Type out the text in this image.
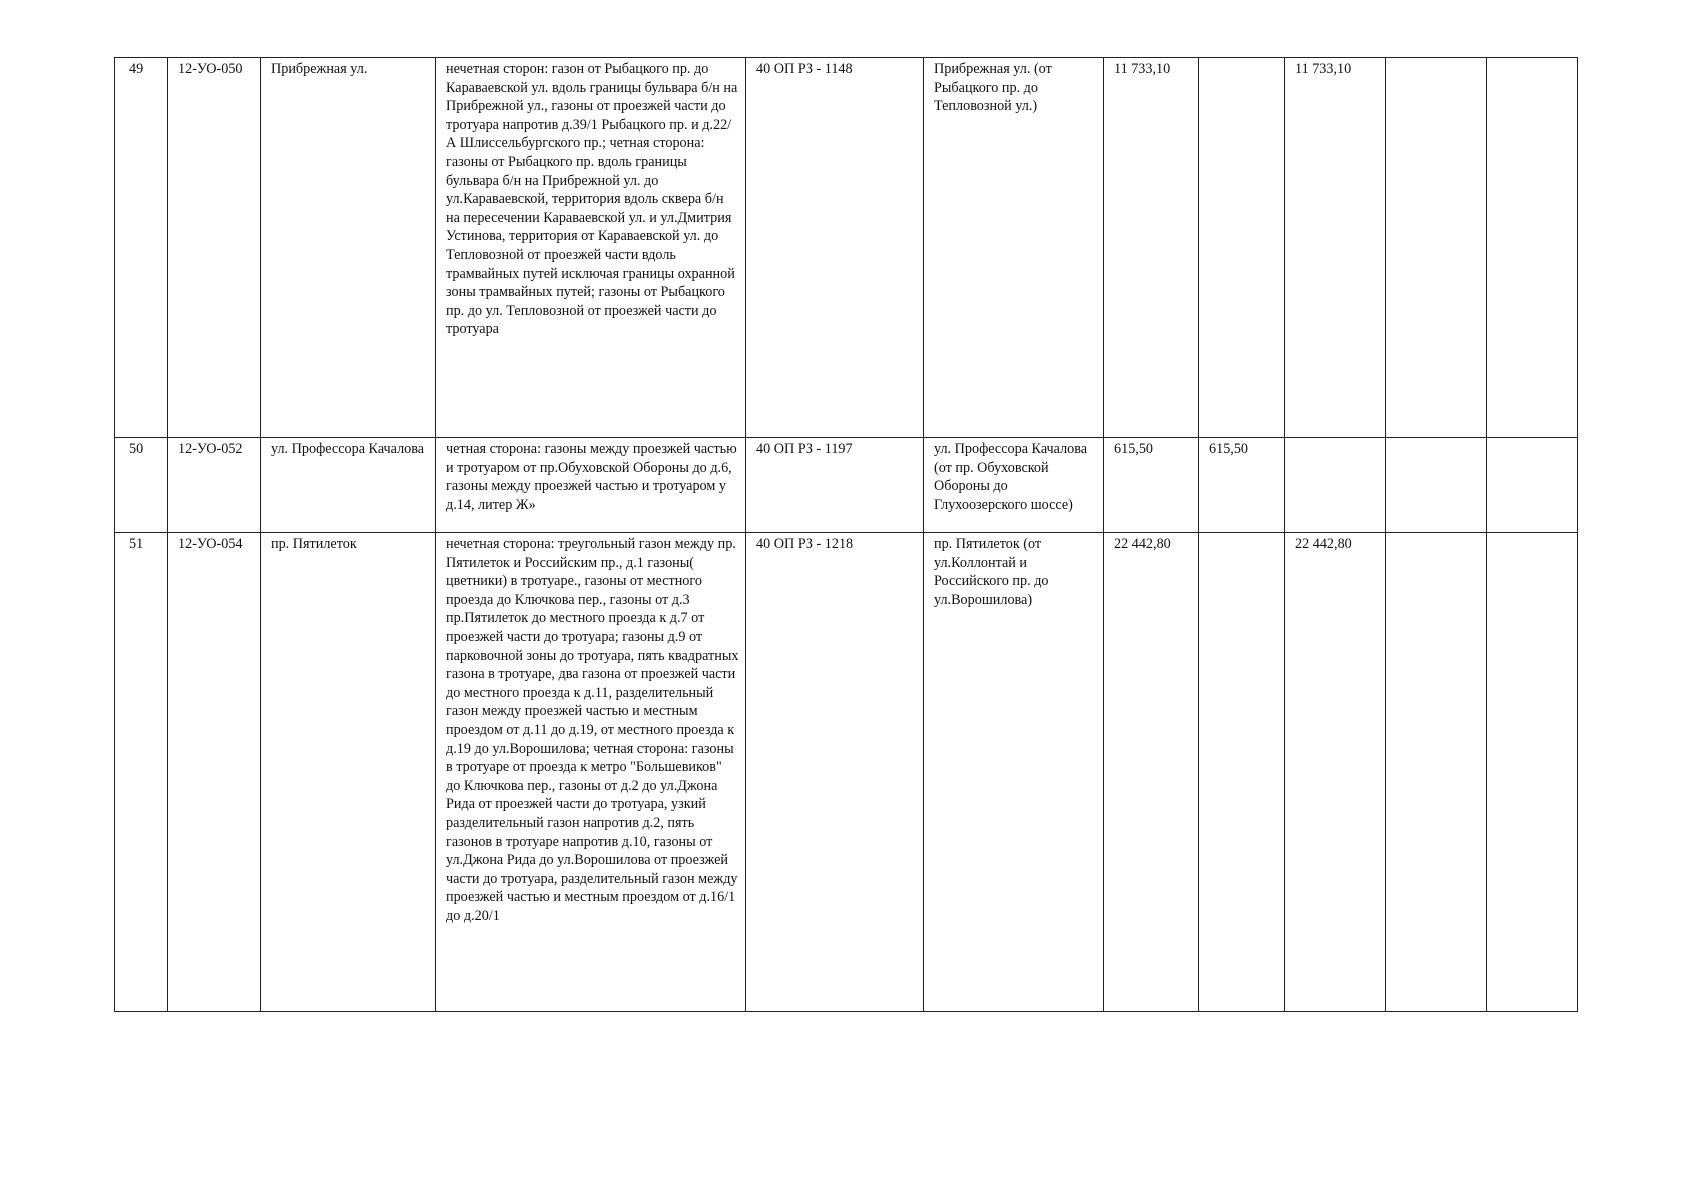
49	12-УО-050	Прибрежная ул.	нечетная сторон: газон от Рыбацкого пр. до Караваевской ул. вдоль границы бульвара б/н на Прибрежной ул., газоны от проезжей части до тротуара напротив д.39/1 Рыбацкого пр. и д.22/А Шлиссельбургского пр.; четная сторона: газоны от Рыбацкого пр. вдоль границы бульвара б/н на Прибрежной ул. до ул.Караваевской, территория вдоль сквера б/н на пересечении Караваевской ул. и ул.Дмитрия Устинова, территория от Караваевской ул. до Тепловозной от проезжей части вдоль трамвайных путей исключая границы охранной зоны трамвайных путей; газоны от Рыбацкого пр. до ул. Тепловозной от проезжей части до тротуара	40 ОП РЗ - 1148	Прибрежная ул. (от Рыбацкого пр. до Тепловозной ул.)	11 733,10		11 733,10		
50	12-УО-052	ул. Профессора Качалова	четная сторона: газоны между проезжей частью и тротуаром от пр.Обуховской Обороны до д.6, газоны между проезжей частью и тротуаром у д.14, литер Ж»	40 ОП РЗ - 1197	ул. Профессора Качалова (от пр. Обуховской Обороны до Глухоозерского шоссе)	615,50	615,50			
51	12-УО-054	пр. Пятилеток	нечетная сторона: треугольный газон между пр. Пятилеток и Российским пр., д.1 газоны( цветники) в тротуаре., газоны от местного проезда до Ключкова пер., газоны от д.3 пр.Пятилеток до местного проезда к д.7 от проезжей части до тротуара; газоны д.9 от парковочной зоны до тротуара, пять квадратных газона в тротуаре, два газона от проезжей части до местного проезда к д.11, разделительный газон между проезжей частью и местным проездом от д.11 до д.19, от местного проезда к д.19 до ул.Ворошилова; четная сторона: газоны в тротуаре от проезда к метро "Большевиков" до Ключкова пер., газоны от д.2 до ул.Джона Рида от проезжей части до тротуара, узкий разделительный газон напротив д.2, пять газонов в тротуаре напротив д.10, газоны от ул.Джона Рида до ул.Ворошилова от проезжей части до тротуара, разделительный газон между проезжей частью и местным проездом от д.16/1 до д.20/1	40 ОП РЗ - 1218	пр. Пятилеток (от ул.Коллонтай и Российского пр. до ул.Ворошилова)	22 442,80		22 442,80		
